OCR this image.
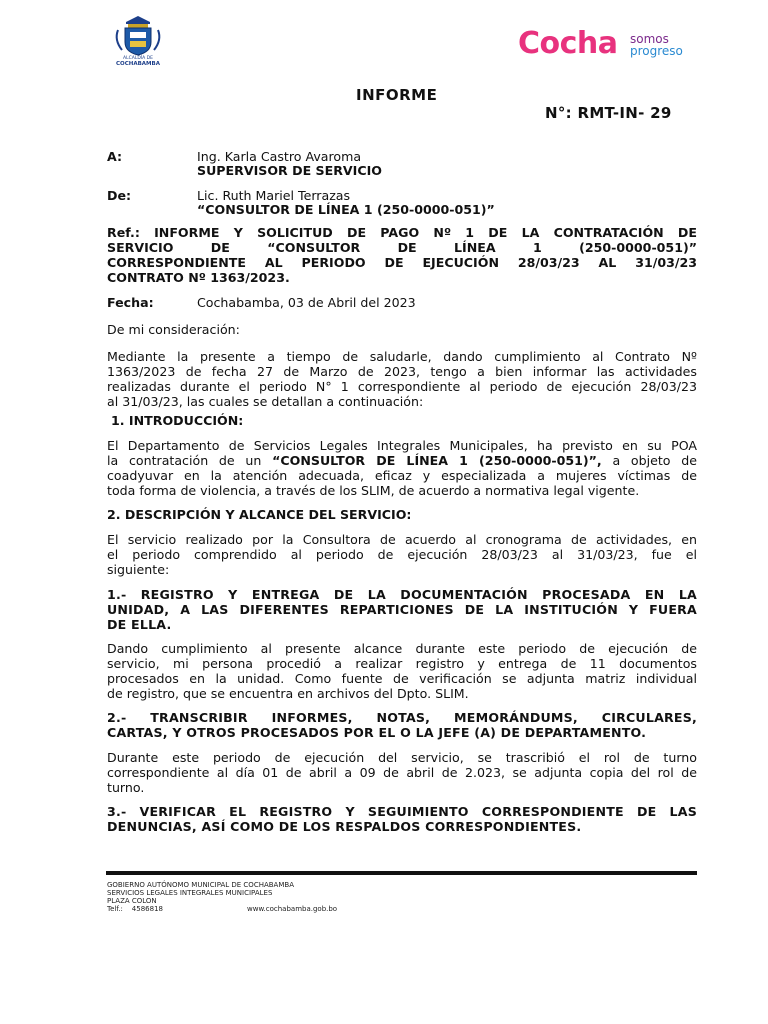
ALCALDÍA DE
COCHABAMBA
Cocha somos
progreso
INFORME
N°: RMT-IN- 29
A:	Ing. Karla Castro Avaroma
SUPERVISOR DE SERVICIO
De:	Lic. Ruth Mariel Terrazas
“CONSULTOR DE LÍNEA 1 (250-0000-051)”
Ref.: INFORME Y SOLICITUD DE PAGO Nº 1 DE LA CONTRATACIÓN DE
SERVICIO DE “CONSULTOR DE LÍNEA 1 (250-0000-051)”
CORRESPONDIENTE AL PERIODO DE EJECUCIÓN 28/03/23 AL 31/03/23
CONTRATO Nº 1363/2023.
Fecha:	Cochabamba, 03 de Abril del 2023
De mi consideración:
Mediante la presente a tiempo de saludarle, dando cumplimiento al Contrato Nº
1363/2023 de fecha 27 de Marzo de 2023, tengo a bien informar las actividades
realizadas durante el periodo N° 1 correspondiente al periodo de ejecución 28/03/23
al 31/03/23, las cuales se detallan a continuación:
1. INTRODUCCIÓN:
El Departamento de Servicios Legales Integrales Municipales, ha previsto en su POA
la contratación de un “CONSULTOR DE LÍNEA 1 (250-0000-051)”, a objeto de
coadyuvar en la atención adecuada, eficaz y especializada a mujeres víctimas de
toda forma de violencia, a través de los SLIM, de acuerdo a normativa legal vigente.
2. DESCRIPCIÓN Y ALCANCE DEL SERVICIO:
El servicio realizado por la Consultora de acuerdo al cronograma de actividades, en
el periodo comprendido al periodo de ejecución 28/03/23 al 31/03/23, fue el
siguiente:
1.- REGISTRO Y ENTREGA DE LA DOCUMENTACIÓN PROCESADA EN LA
UNIDAD, A LAS DIFERENTES REPARTICIONES DE LA INSTITUCIÓN Y FUERA
DE ELLA.
Dando cumplimiento al presente alcance durante este periodo de ejecución de
servicio, mi persona procedió a realizar registro y entrega de 11 documentos
procesados en la unidad. Como fuente de verificación se adjunta matriz individual
de registro, que se encuentra en archivos del Dpto. SLIM.
2.- TRANSCRIBIR INFORMES, NOTAS, MEMORÁNDUMS, CIRCULARES,
CARTAS, Y OTROS PROCESADOS POR EL O LA JEFE (A) DE DEPARTAMENTO.
Durante este periodo de ejecución del servicio, se trascribió el rol de turno
correspondiente al día 01 de abril a 09 de abril de 2.023, se adjunta copia del rol de
turno.
3.- VERIFICAR EL REGISTRO Y SEGUIMIENTO CORRESPONDIENTE DE LAS
DENUNCIAS, ASÍ COMO DE LOS RESPALDOS CORRESPONDIENTES.
GOBIERNO AUTÓNOMO MUNICIPAL DE COCHABAMBA
SERVICIOS LEGALES INTEGRALES MUNICIPALES
PLAZA COLON
Telf.: 4586818	www.cochabamba.gob.bo
